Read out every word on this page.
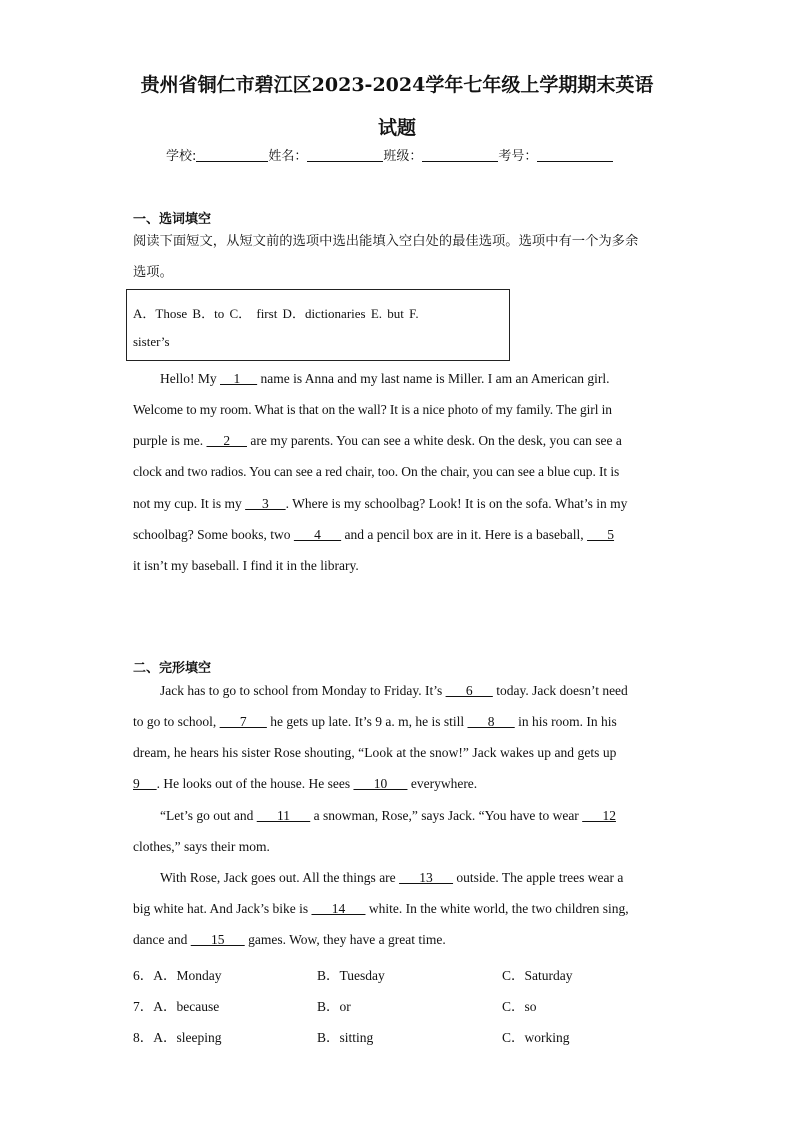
贵州省铜仁市碧江区2023-2024学年七年级上学期期末英语
试题
学校:	姓名：	班级：	考号：
一、选词填空
阅读下面短文，从短文前的选项中选出能填入空白处的最佳选项。选项中有一个为多余
选项。
A．Those B．to C． first D．dictionaries E. but F.
sister’s
Hello! My     1      name is Anna and my last name is Miller. I am an American girl.
Welcome to my room. What is that on the wall? It is a nice photo of my family. The girl in
purple is me.      2      are my parents. You can see a white desk. On the desk, you can see a
clock and two radios. You can see a red chair, too. On the chair, you can see a blue cup. It is
not my cup. It is my      3     . Where is my schoolbag? Look! It is on the sofa. What’s in my
schoolbag? Some books, two       4       and a pencil box are in it. Here is a baseball,       5
it isn’t my baseball. I find it in the library.
二、完形填空
Jack has to go to school from Monday to Friday. It’s       6       today. Jack doesn’t need
to go to school,       7       he gets up late. It’s 9 a. m, he is still       8       in his room. In his
dream, he hears his sister Rose shouting, “Look at the snow!” Jack wakes up and gets up
9     . He looks out of the house. He sees       10       everywhere.
“Let’s go out and       11       a snowman, Rose,” says Jack. “You have to wear       12
clothes,” says their mom.
With Rose, Jack goes out. All the things are       13       outside. The apple trees wear a
big white hat. And Jack’s bike is       14       white. In the white world, the two children sing,
dance and       15       games. Wow, they have a great time.
6．A．Monday	B．Tuesday	C．Saturday
7．A．because	B．or	C．so
8．A．sleeping	B．sitting	C．working
